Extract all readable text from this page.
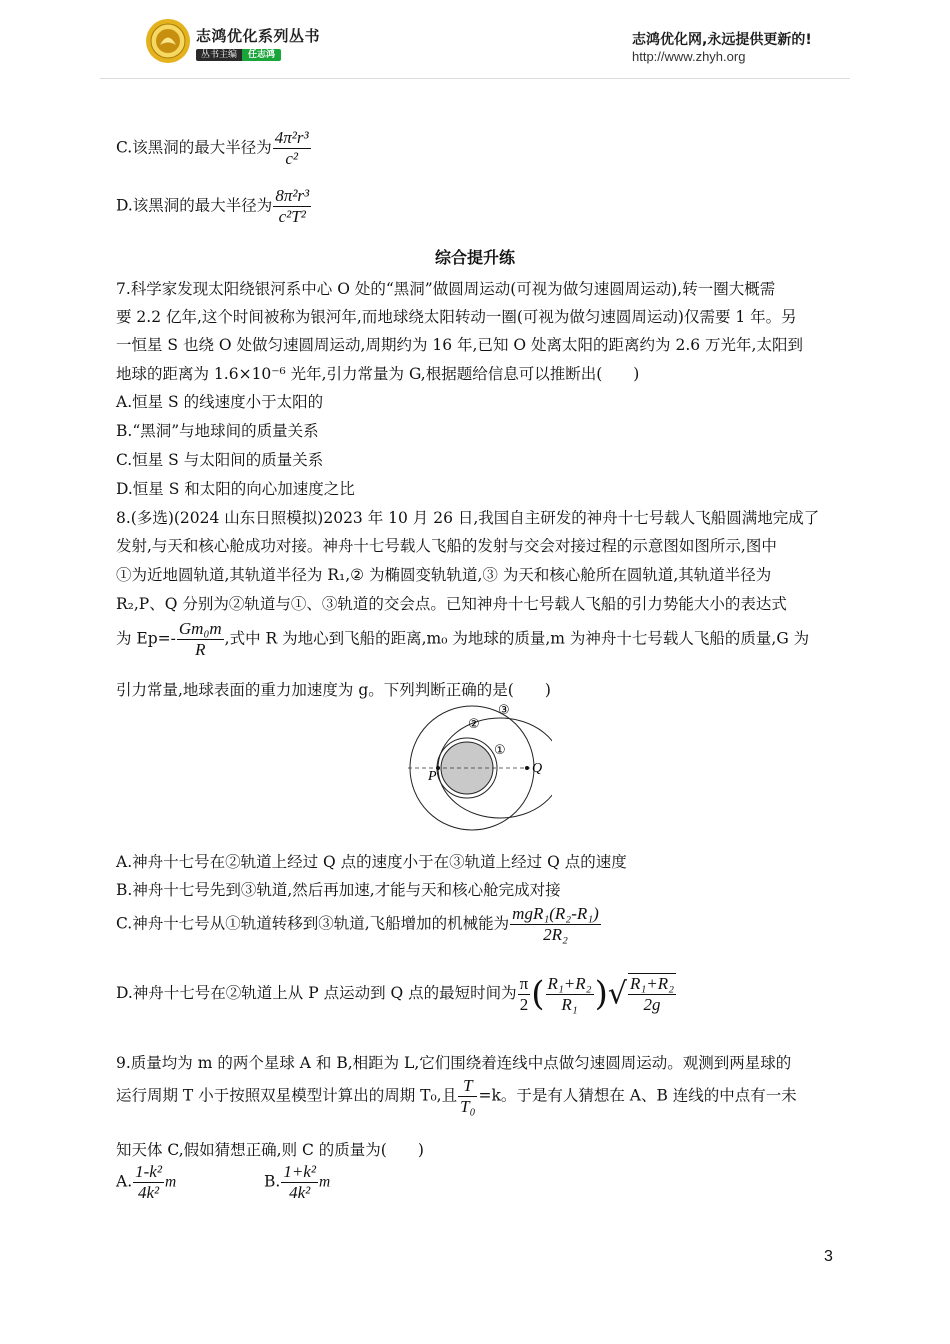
志鸿优化系列丛书
丛书主编 任志鸿
志鸿优化网,永远提供更新的!
http://www.zhyh.org
C.该黑洞的最大半径为 $\frac{\text{4π²r³}}{\text{c²}}$
D.该黑洞的最大半径为 $\frac{\text{8π²r³}}{\text{c²T²}}$
综合提升练
7.科学家发现太阳绕银河系中心 O 处的“黑洞”做圆周运动(可视为做匀速圆周运动),转一圈大概需
要 2.2 亿年,这个时间被称为银河年,而地球绕太阳转动一圈(可视为做匀速圆周运动)仅需要 1 年。另
一恒星 S 也绕 O 处做匀速圆周运动,周期约为 16 年,已知 O 处离太阳的距离约为 2.6 万光年,太阳到
地球的距离为 1.6×10⁻⁶ 光年,引力常量为 G,根据题给信息可以推断出(　　)
A.恒星 S 的线速度小于太阳的
B.“黑洞”与地球间的质量关系
C.恒星 S 与太阳间的质量关系
D.恒星 S 和太阳的向心加速度之比
8.(多选)(2024 山东日照模拟)2023 年 10 月 26 日,我国自主研发的神舟十七号载人飞船圆满地完成了
发射,与天和核心舱成功对接。神舟十七号载人飞船的发射与交会对接过程的示意图如图所示,图中
①为近地圆轨道,其轨道半径为 R₁,② 为椭圆变轨轨道,③ 为天和核心舱所在圆轨道,其轨道半径为
R₂,P、Q 分别为②轨道与①、③轨道的交会点。已知神舟十七号载人飞船的引力势能大小的表达式
为 $Ep=- \frac{\text{Gm₀m}}{R}$ ,式中 R 为地心到飞船的距离,m₀ 为地球的质量,m 为神舟十七号载人飞船的质量,G 为
引力常量,地球表面的重力加速度为 g。下列判断正确的是(　　)
P
Q
①
②
③
A.神舟十七号在②轨道上经过 Q 点的速度小于在③轨道上经过 Q 点的速度
B.神舟十七号先到③轨道,然后再加速,才能与天和核心舱完成对接
C.神舟十七号从①轨道转移到③轨道,飞船增加的机械能为 $\frac{\text{mgR₁(R₂-R₁)}}{\text{2R₂}}$
D.神舟十七号在②轨道上从 P 点运动到 Q 点的最短时间为 $\frac{\pi}{2}$ ( $\frac{\text{R₁+R₂}}{\text{R₁}}$ )√ $\frac{\text{R₁+R₂}}{2g}$
9.质量均为 m 的两个星球 A 和 B,相距为 L,它们围绕着连线中点做匀速圆周运动。观测到两星球的
运行周期 T 小于按照双星模型计算出的周期 T₀,且 $\frac{T}{\text{T₀}} =k$。于是有人猜想在 A、B 连线的中点有一未
知天体 C,假如猜想正确,则 C 的质量为(　　)
A. $\frac{\text{1-k²}}{\text{4k²}}$ m	B. $\frac{\text{1+k²}}{\text{4k²}}$ m
3
